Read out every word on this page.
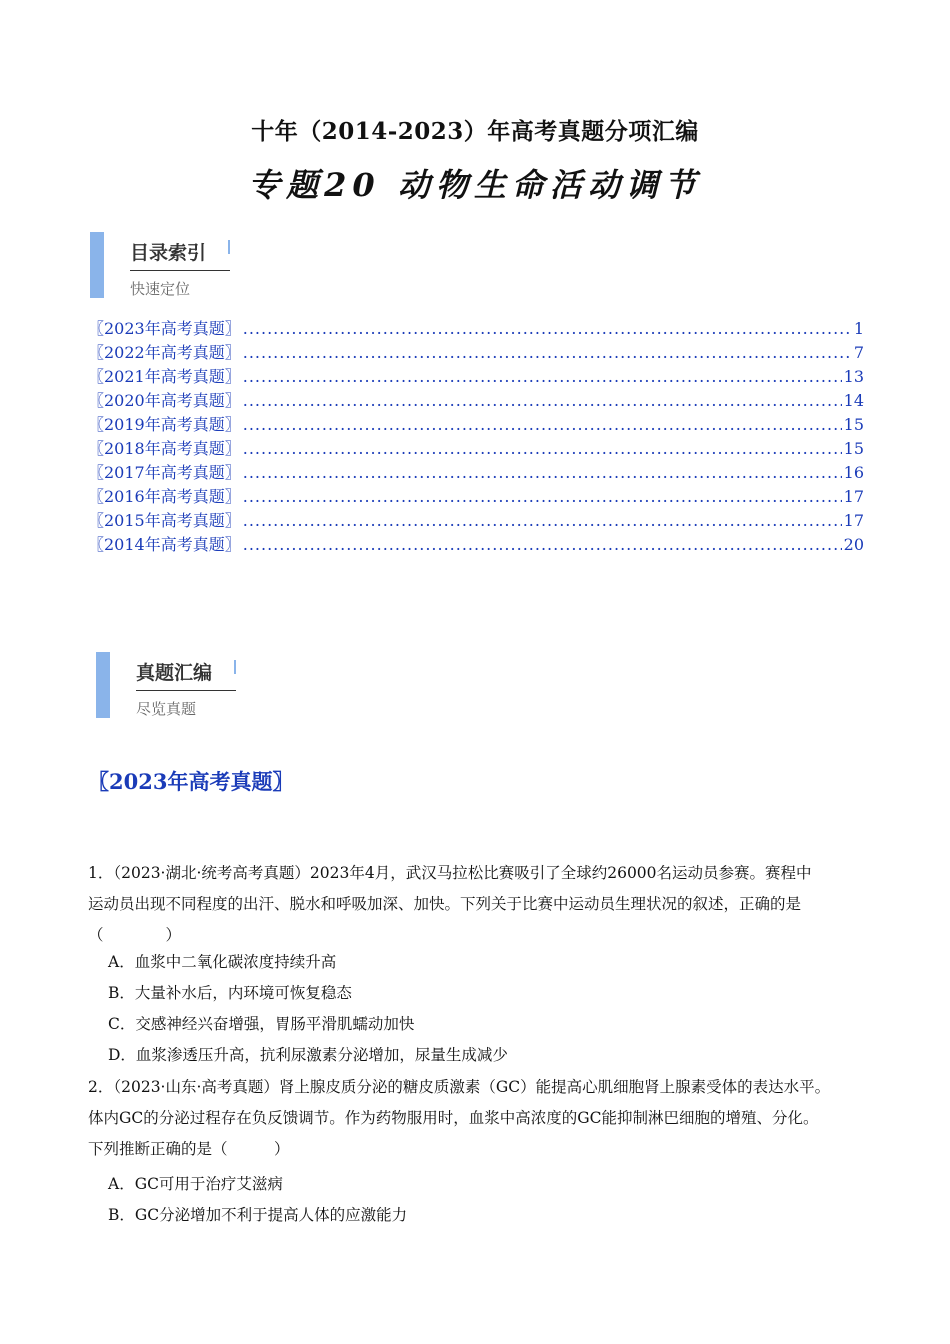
十年（2014-2023）年高考真题分项汇编
专题20 动物生命活动调节
目录索引
快速定位
〖2023年高考真题〗 .....	1
〖2022年高考真题〗 .....	7
〖2021年高考真题〗 .....	13
〖2020年高考真题〗 .....	14
〖2019年高考真题〗 .....	15
〖2018年高考真题〗 .....	15
〖2017年高考真题〗 .....	16
〖2016年高考真题〗 .....	17
〖2015年高考真题〗 .....	17
〖2014年高考真题〗 .....	20
真题汇编
尽览真题
〖2023年高考真题〗
1．（2023·湖北·统考高考真题）2023年4月，武汉马拉松比赛吸引了全球约26000名运动员参赛。赛程中
运动员出现不同程度的出汗、脱水和呼吸加深、加快。下列关于比赛中运动员生理状况的叙述，正确的是
（　　　　）
A．血浆中二氧化碳浓度持续升高
B．大量补水后，内环境可恢复稳态
C．交感神经兴奋增强，胃肠平滑肌蠕动加快
D．血浆渗透压升高，抗利尿激素分泌增加，尿量生成减少
2．（2023·山东·高考真题）肾上腺皮质分泌的糖皮质激素（GC）能提高心肌细胞肾上腺素受体的表达水平。
体内GC的分泌过程存在负反馈调节。作为药物服用时，血浆中高浓度的GC能抑制淋巴细胞的增殖、分化。
下列推断正确的是（　　　）
A．GC可用于治疗艾滋病
B．GC分泌增加不利于提高人体的应激能力
